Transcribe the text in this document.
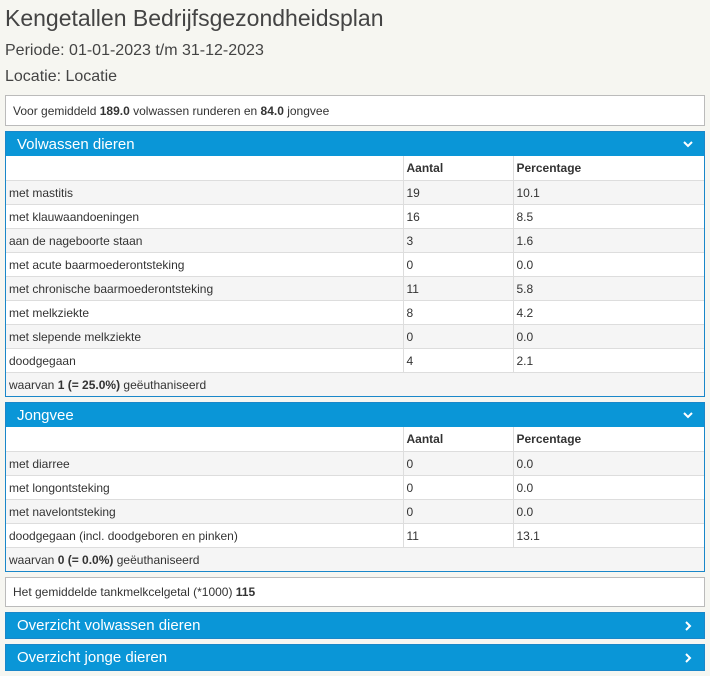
Kengetallen Bedrijfsgezondheidsplan
Periode: 01-01-2023 t/m 31-12-2023
Locatie: Locatie
Voor gemiddeld 189.0 volwassen runderen en 84.0 jongvee
Volwassen dieren
	Aantal	Percentage
met mastitis	19	10.1
met klauwaandoeningen	16	8.5
aan de nageboorte staan	3	1.6
met acute baarmoederontsteking	0	0.0
met chronische baarmoederontsteking	11	5.8
met melkziekte	8	4.2
met slepende melkziekte	0	0.0
doodgegaan	4	2.1
waarvan
1 (= 25.0%)
geëuthaniseerd
Jongvee
	Aantal	Percentage
met diarree	0	0.0
met longontsteking	0	0.0
met navelontsteking	0	0.0
doodgegaan (incl. doodgeboren en pinken)	11	13.1
waarvan
0 (= 0.0%)
geëuthaniseerd
Het gemiddelde tankmelkcelgetal (*1000) 115
Overzicht volwassen dieren
Overzicht jonge dieren
